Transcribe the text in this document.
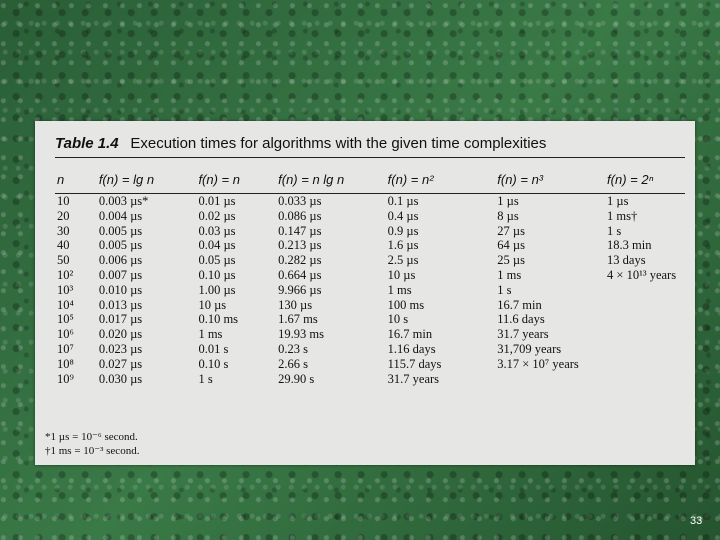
Table 1.4 Execution times for algorithms with the given time complexities
n	f(n) = lg n	f(n) = n	f(n) = n lg n	f(n) = n²	f(n) = n³	f(n) = 2ⁿ
10	0.003 µs*	0.01 µs	0.033 µs	0.1 µs	1 µs	1 µs
20	0.004 µs	0.02 µs	0.086 µs	0.4 µs	8 µs	1 ms†
30	0.005 µs	0.03 µs	0.147 µs	0.9 µs	27 µs	1 s
40	0.005 µs	0.04 µs	0.213 µs	1.6 µs	64 µs	18.3 min
50	0.006 µs	0.05 µs	0.282 µs	2.5 µs	25 µs	13 days
10²	0.007 µs	0.10 µs	0.664 µs	10 µs	1 ms	4 × 10¹³ years
10³	0.010 µs	1.00 µs	9.966 µs	1 ms	1 s	
10⁴	0.013 µs	10 µs	130 µs	100 ms	16.7 min	
10⁵	0.017 µs	0.10 ms	1.67 ms	10 s	11.6 days	
10⁶	0.020 µs	1 ms	19.93 ms	16.7 min	31.7 years	
10⁷	0.023 µs	0.01 s	0.23 s	1.16 days	31,709 years	
10⁸	0.027 µs	0.10 s	2.66 s	115.7 days	3.17 × 10⁷ years	
10⁹	0.030 µs	1 s	29.90 s	31.7 years		
*1 µs = 10⁻⁶ second.
†1 ms = 10⁻³ second.
33
